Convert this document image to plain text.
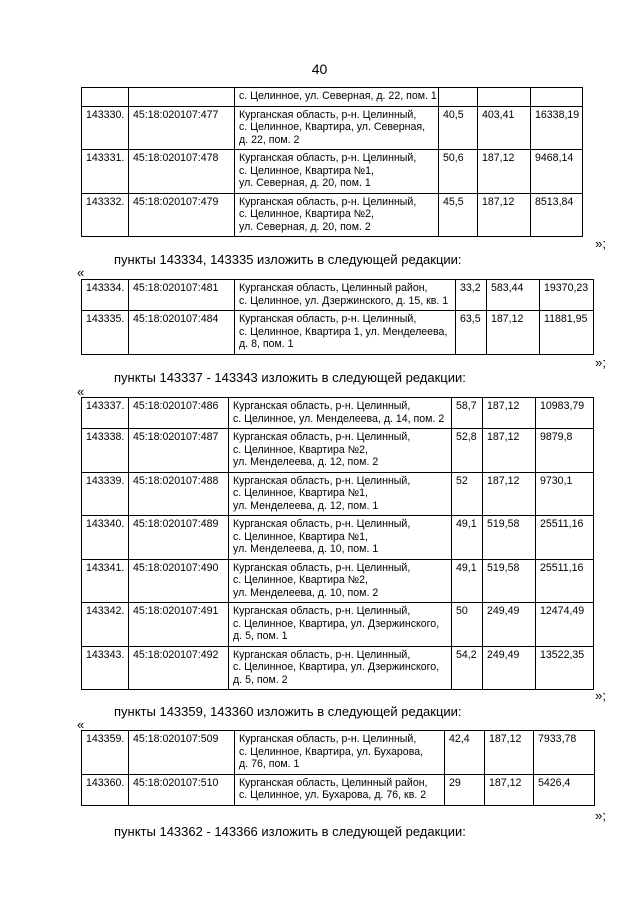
40

		с. Целинное, ул. Северная, д. 22, пом. 1			

143330.	45:18:020107:477	Курганская область, р-н. Целинный,
с. Целинное, Квартира, ул. Северная,
д. 22, пом. 2	40,5	403,41	16338,19
143331.	45:18:020107:478	Курганская область, р-н. Целинный,
с. Целинное, Квартира №1,
ул. Северная, д. 20, пом. 1	50,6	187,12	9468,14
143332.	45:18:020107:479	Курганская область, р-н. Целинный,
с. Целинное, Квартира №2,
ул. Северная, д. 20, пом. 2	45,5	187,12	8513,84
»;
пункты 143334, 143335 изложить в следующей редакции:
«
143334.	45:18:020107:481	Курганская область, Целинный район,
с. Целинное, ул. Дзержинского, д. 15, кв. 1	33,2	583,44	19370,23
143335.	45:18:020107:484	Курганская область, р-н. Целинный,
с. Целинное, Квартира 1, ул. Менделеева,
д. 8, пом. 1	63,5	187,12	11881,95
»;
пункты 143337 - 143343 изложить в следующей редакции:
«
143337.	45:18:020107:486	Курганская область, р-н. Целинный,
с. Целинное, ул. Менделеева, д. 14, пом. 2	58,7	187,12	10983,79
143338.	45:18:020107:487	Курганская область, р-н. Целинный,
с. Целинное, Квартира №2,
ул. Менделеева, д. 12, пом. 2	52,8	187,12	9879,8
143339.	45:18:020107:488	Курганская область, р-н. Целинный,
с. Целинное, Квартира №1,
ул. Менделеева, д. 12, пом. 1	52	187,12	9730,1
143340.	45:18:020107:489	Курганская область, р-н. Целинный,
с. Целинное, Квартира №1,
ул. Менделеева, д. 10, пом. 1	49,1	519,58	25511,16
143341.	45:18:020107:490	Курганская область, р-н. Целинный,
с. Целинное, Квартира №2,
ул. Менделеева, д. 10, пом. 2	49,1	519,58	25511,16
143342.	45:18:020107:491	Курганская область, р-н. Целинный,
с. Целинное, Квартира, ул. Дзержинского,
д. 5, пом. 1	50	249,49	12474,49
143343.	45:18:020107:492	Курганская область, р-н. Целинный,
с. Целинное, Квартира, ул. Дзержинского,
д. 5, пом. 2	54,2	249,49	13522,35
»;
пункты 143359, 143360 изложить в следующей редакции:
«
143359.	45:18:020107:509	Курганская область, р-н. Целинный,
с. Целинное, Квартира, ул. Бухарова,
д. 76, пом. 1	42,4	187,12	7933,78
143360.	45:18:020107:510	Курганская область, Целинный район,
с. Целинное, ул. Бухарова, д. 76, кв. 2	29	187,12	5426,4
»;
пункты 143362 - 143366 изложить в следующей редакции:
